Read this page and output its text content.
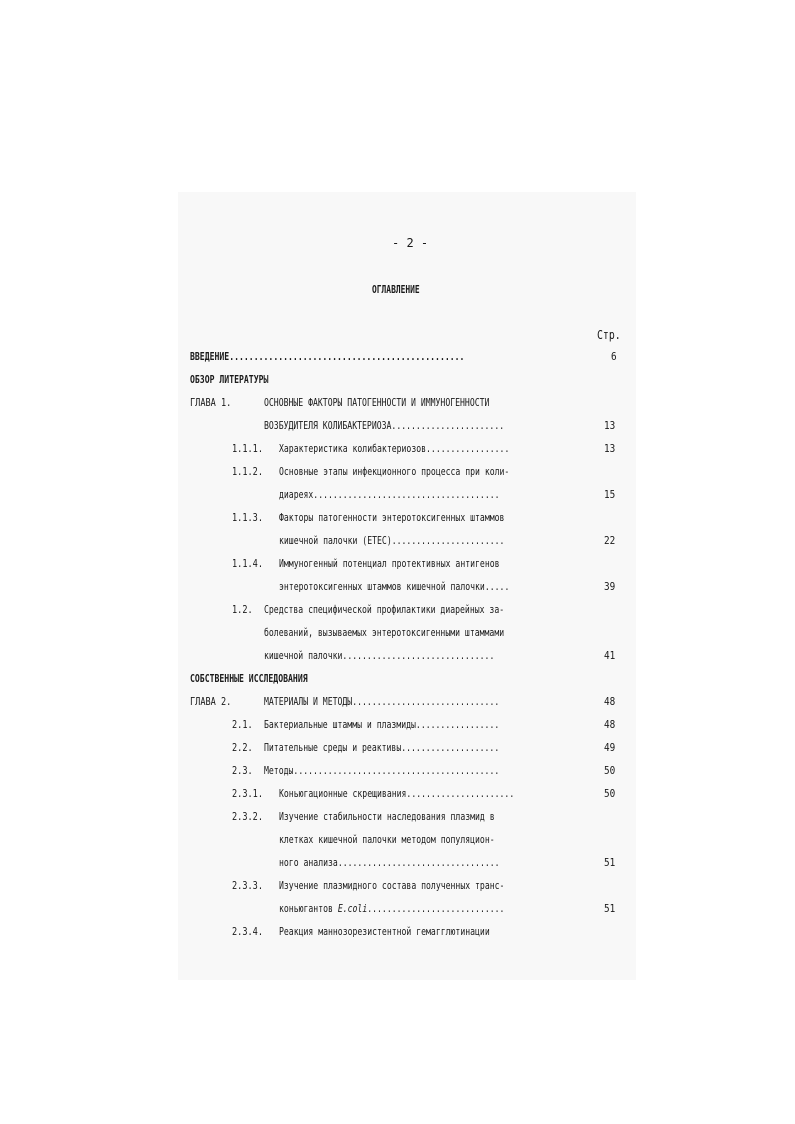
- 2 -
ОГЛАВЛЕНИЕ
Стр.
ВВЕДЕНИЕ................................................	6
ОБЗОР ЛИТЕРАТУРЫ
ГЛАВА 1.	ОСНОВНЫЕ ФАКТОРЫ ПАТОГЕННОСТИ И ИММУНОГЕННОСТИ
ВОЗБУДИТЕЛЯ КОЛИБАКТЕРИОЗА.......................	13
1.1.1. Характеристика колибактериозов.................	13
1.1.2. Основные этапы инфекционного процесса при коли-
диареях......................................	15
1.1.3. Факторы патогенности энтеротоксигенных штаммов
кишечной палочки (ETEC).......................	22
1.1.4. Иммуногенный потенциал протективных антигенов
энтеротоксигенных штаммов кишечной палочки.....	39
1.2. Средства специфической профилактики диарейных за-
болеваний, вызываемых энтеротоксигенными штаммами
кишечной палочки...............................	41
СОБСТВЕННЫЕ ИССЛЕДОВАНИЯ
ГЛАВА 2.	МАТЕРИАЛЫ И МЕТОДЫ..............................	48
2.1. Бактериальные штаммы и плазмиды.................	48
2.2. Питательные среды и реактивы....................	49
2.3. Методы..........................................	50
2.3.1. Коньюгационные скрещивания......................	50
2.3.2. Изучение стабильности наследования плазмид в
клетках кишечной палочки методом популяцион-
ного анализа.................................	51
2.3.3. Изучение плазмидного состава полученных транс-
коньюгантов E.coli............................	51
2.3.4. Реакция маннозорезистентной гемагглютинации
